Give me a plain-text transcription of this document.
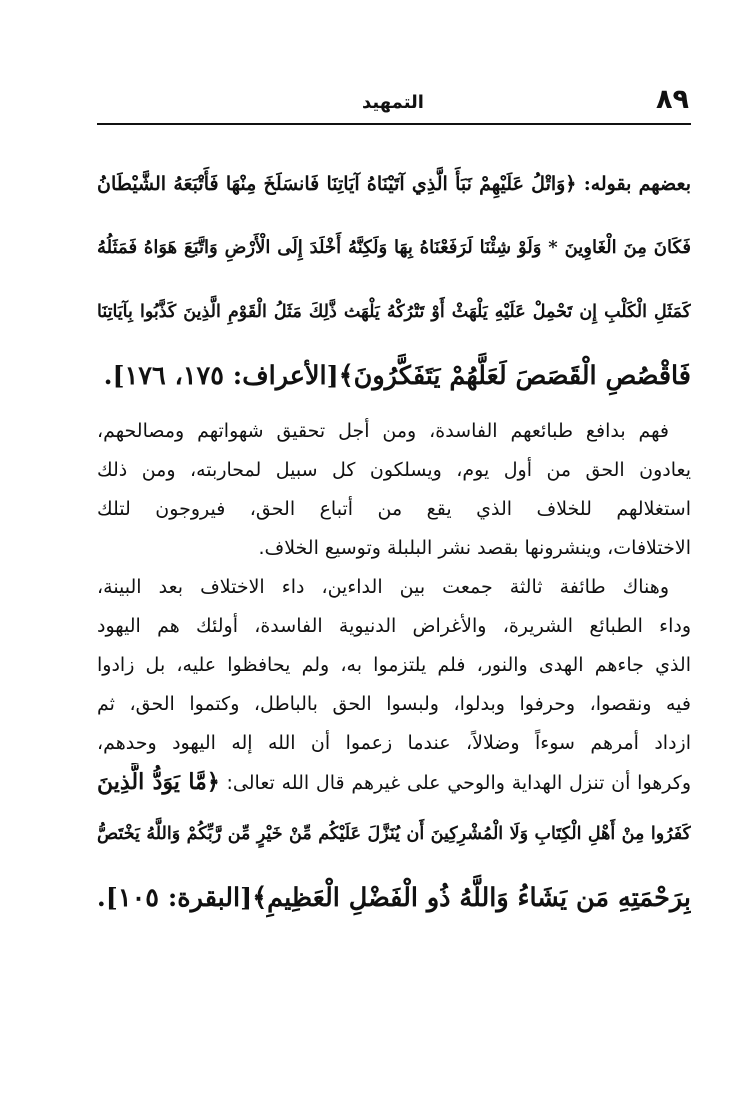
٨٩
التمهيد
بعضهم بقوله: ﴿وَاتْلُ عَلَيْهِمْ نَبَأَ الَّذِي آتَيْنَاهُ آيَاتِنَا فَانسَلَخَ مِنْهَا فَأَتْبَعَهُ الشَّيْطَانُ
فَكَانَ مِنَ الْغَاوِينَ * وَلَوْ شِئْنَا لَرَفَعْنَاهُ بِهَا وَلَكِنَّهُ أَخْلَدَ إِلَى الْأَرْضِ وَاتَّبَعَ هَوَاهُ فَمَثَلُهُ
كَمَثَلِ الْكَلْبِ إِن تَحْمِلْ عَلَيْهِ يَلْهَثْ أَوْ تَتْرُكْهُ يَلْهَث ذَّلِكَ مَثَلُ الْقَوْمِ الَّذِينَ كَذَّبُوا بِآيَاتِنَا
فَاقْصُصِ الْقَصَصَ لَعَلَّهُمْ يَتَفَكَّرُونَ﴾[الأعراف: ١٧٥، ١٧٦].
فهم بدافع طبائعهم الفاسدة، ومن أجل تحقيق شهواتهم ومصالحهم،
يعادون الحق من أول يوم، ويسلكون كل سبيل لمحاربته، ومن ذلك
استغلالهم للخلاف الذي يقع من أتباع الحق، فيروجون لتلك
الاختلافات، وينشرونها بقصد نشر البلبلة وتوسيع الخلاف.
وهناك طائفة ثالثة جمعت بين الداءين، داء الاختلاف بعد البينة،
وداء الطبائع الشريرة، والأغراض الدنيوية الفاسدة، أولئك هم اليهود
الذي جاءهم الهدى والنور، فلم يلتزموا به، ولم يحافظوا عليه، بل زادوا
فيه ونقصوا، وحرفوا وبدلوا، ولبسوا الحق بالباطل، وكتموا الحق، ثم
ازداد أمرهم سوءاً وضلالاً، عندما زعموا أن الله إله اليهود وحدهم،
وكرهوا أن تنزل الهداية والوحي على غيرهم قال الله تعالى: ﴿مَّا يَوَدُّ الَّذِينَ
كَفَرُوا مِنْ أَهْلِ الْكِتَابِ وَلَا الْمُشْرِكِينَ أَن يُنَزَّلَ عَلَيْكُم مِّنْ خَيْرٍ مِّن رَّبِّكُمْ وَاللَّهُ يَخْتَصُّ
بِرَحْمَتِهِ مَن يَشَاءُ وَاللَّهُ ذُو الْفَضْلِ الْعَظِيمِ﴾[البقرة: ١٠٥].
